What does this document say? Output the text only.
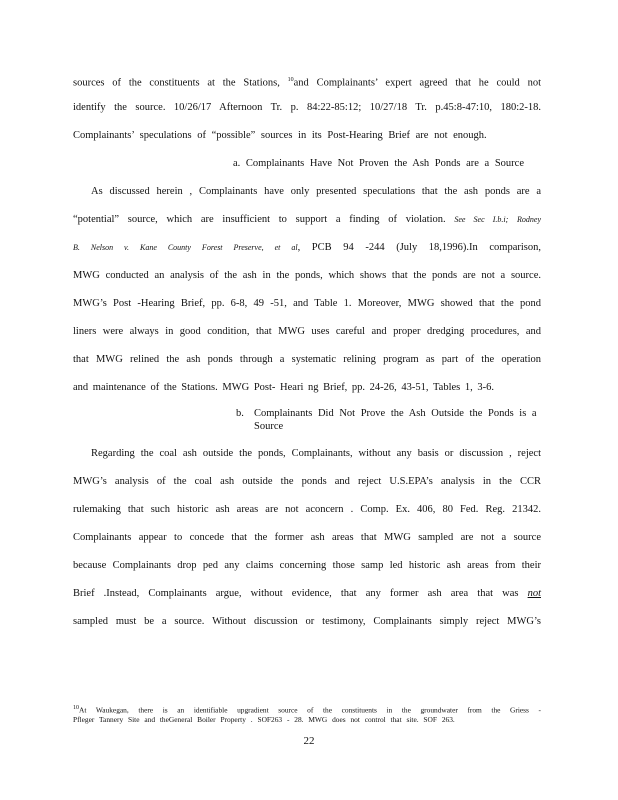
sources of the constituents at the Stations, $^{10}$and Complainants’ expert agreed that he could not
identify the source. 10/26/17 Afternoon Tr. p. 84:22-85:12; 10/27/18 Tr. p.45:8-47:10, 180:2-18.
Complainants’ speculations of “possible” sources in its Post-Hearing Brief are not enough.
a. Complainants Have Not Proven the Ash Ponds are a Source
As discussed herein , Complainants have only presented speculations that the ash ponds are a
“potential” source, which are insufficient to support a finding of violation. See Sec I.b.i; Rodney
B. Nelson v. Kane County Forest Preserve, et al, PCB 94 -244 (July 18,1996).In comparison,
MWG conducted an analysis of the ash in the ponds, which shows that the ponds are not a source.
MWG’s Post -Hearing Brief, pp. 6-8, 49 -51, and Table 1. Moreover, MWG showed that the pond
liners were always in good condition, that MWG uses careful and proper dredging procedures, and
that MWG relined the ash ponds through a systematic relining program as part of the operation
and maintenance of the Stations. MWG Post- Heari ng Brief, pp. 24-26, 43-51, Tables 1, 3-6.
b. Complainants Did Not Prove the Ash Outside the Ponds is a
Source
Regarding the coal ash outside the ponds, Complainants, without any basis or discussion , reject
MWG’s analysis of the coal ash outside the ponds and reject U.S.EPA’s analysis in the CCR
rulemaking that such historic ash areas are not aconcern . Comp. Ex. 406, 80 Fed. Reg. 21342.
Complainants appear to concede that the former ash areas that MWG sampled are not a source
because Complainants drop ped any claims concerning those samp led historic ash areas from their
Brief .Instead, Complainants argue, without evidence, that any former ash area that was not
sampled must be a source. Without discussion or testimony, Complainants simply reject MWG’s
$^{10}$At Waukegan, there is an identifiable upgradient source of the constituents in the groundwater from the Griess -
Pfleger Tannery Site and theGeneral Boiler Property . SOF263 - 28. MWG does not control that site. SOF 263.
22
